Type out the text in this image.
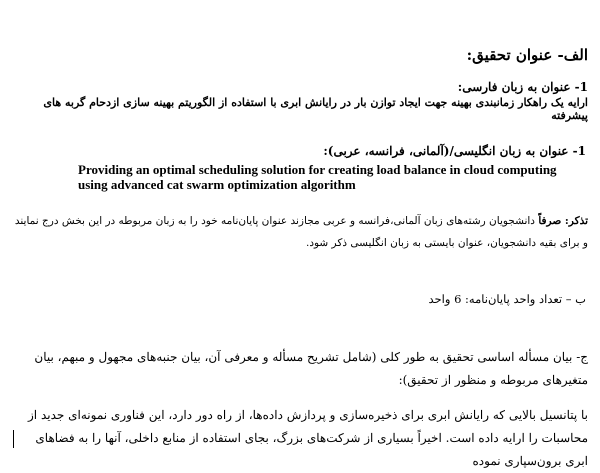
الف- عنوان تحقیق:
1- عنوان به زبان فارسی:
ارایه یک راهکار زمانبندی بهینه جهت ایجاد توازن بار در رایانش ابری با استفاده از الگوریتم بهینه سازی ازدحام گربه های پیشرفته
1- عنوان به زبان انگلیسی/(آلمانی، فرانسه، عربی):
Providing an optimal scheduling solution for creating load balance in cloud computing using advanced cat swarm optimization algorithm
تذکر: صرفاً دانشجویان رشته‌های زبان آلمانی،فرانسه و عربی مجازند عنوان پایان‌نامه خود را به زبان مربوطه در این بخش درج نمایند و برای بقیه دانشجویان، عنوان بایستی به زبان انگلیسی ذکر شود.
ب – تعداد واحد پایان‌نامه: 6 واحد
ج- بیان مسأله اساسی تحقیق به طور کلی (شامل تشریح مسأله و معرفی آن، بیان جنبه‌های مجهول و مبهم، بیان متغیرهای مربوطه و منظور از تحقیق):
با پتانسیل بالایی که رایانش ابری برای ذخیره‌سازی و پردازش داده‌ها، از راه دور دارد، این فناوری نمونه‌ای جدید از محاسبات را ارایه داده است. اخیراً بسیاری از شرکت‌های بزرگ، بجای استفاده از منابع داخلی، آنها را به فضاهای ابری برون‌سپاری نموده‌
